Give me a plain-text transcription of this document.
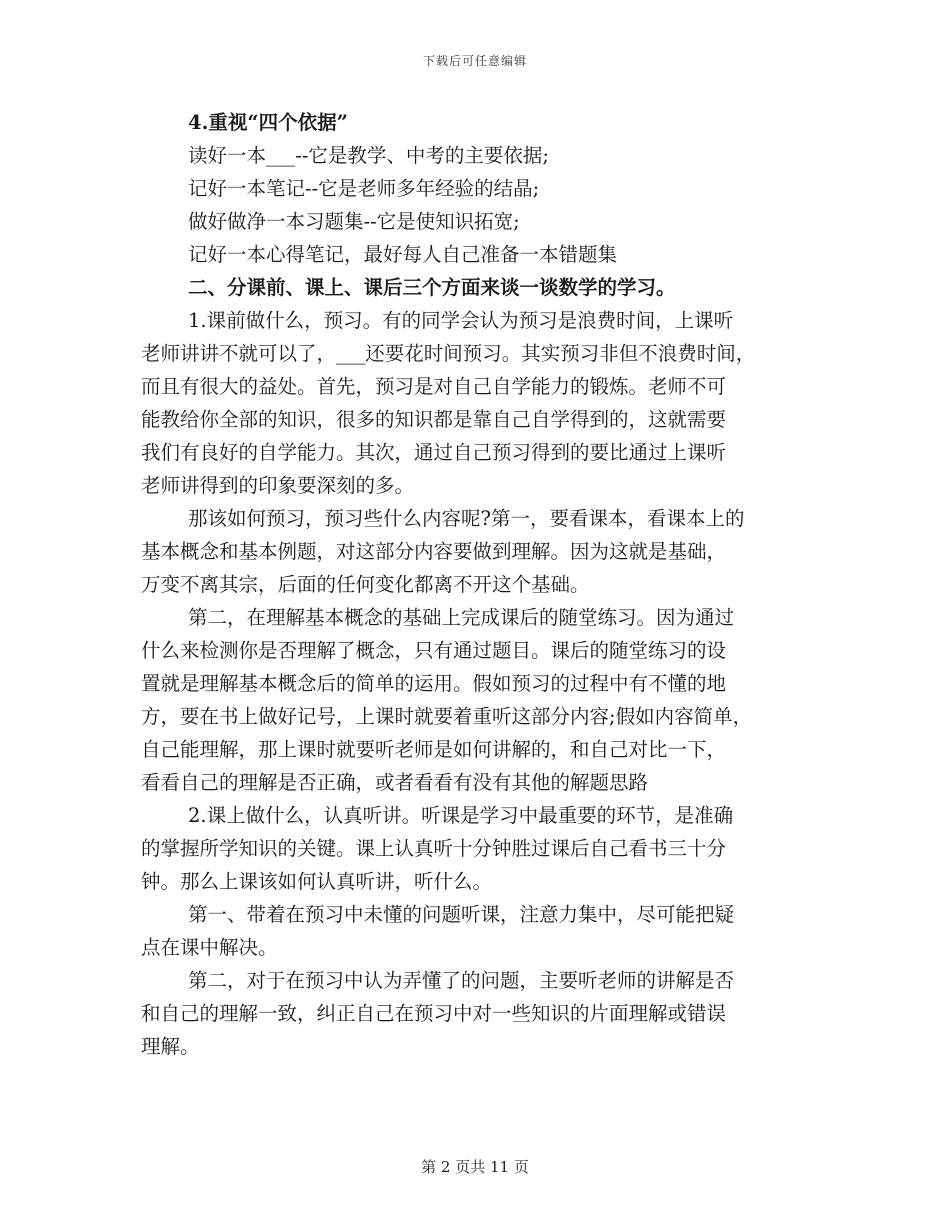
下载后可任意编辑
4.重视“四个依据”
读好一本___--它是教学、中考的主要依据;
记好一本笔记--它是老师多年经验的结晶;
做好做净一本习题集--它是使知识拓宽;
记好一本心得笔记，最好每人自己准备一本错题集
二、分课前、课上、课后三个方面来谈一谈数学的学习。
1.课前做什么，预习。有的同学会认为预习是浪费时间，上课听
老师讲讲不就可以了，___还要花时间预习。其实预习非但不浪费时间，
而且有很大的益处。首先，预习是对自己自学能力的锻炼。老师不可
能教给你全部的知识，很多的知识都是靠自己自学得到的，这就需要
我们有良好的自学能力。其次，通过自己预习得到的要比通过上课听
老师讲得到的印象要深刻的多。
那该如何预习，预习些什么内容呢?第一，要看课本，看课本上的
基本概念和基本例题，对这部分内容要做到理解。因为这就是基础，
万变不离其宗，后面的任何变化都离不开这个基础。
第二，在理解基本概念的基础上完成课后的随堂练习。因为通过
什么来检测你是否理解了概念，只有通过题目。课后的随堂练习的设
置就是理解基本概念后的简单的运用。假如预习的过程中有不懂的地
方，要在书上做好记号，上课时就要着重听这部分内容;假如内容简单，
自己能理解，那上课时就要听老师是如何讲解的，和自己对比一下，
看看自己的理解是否正确，或者看看有没有其他的解题思路
2.课上做什么，认真听讲。听课是学习中最重要的环节，是准确
的掌握所学知识的关键。课上认真听十分钟胜过课后自己看书三十分
钟。那么上课该如何认真听讲，听什么。
第一、带着在预习中未懂的问题听课，注意力集中，尽可能把疑
点在课中解决。
第二，对于在预习中认为弄懂了的问题，主要听老师的讲解是否
和自己的理解一致，纠正自己在预习中对一些知识的片面理解或错误
理解。
第 2 页共 11 页
